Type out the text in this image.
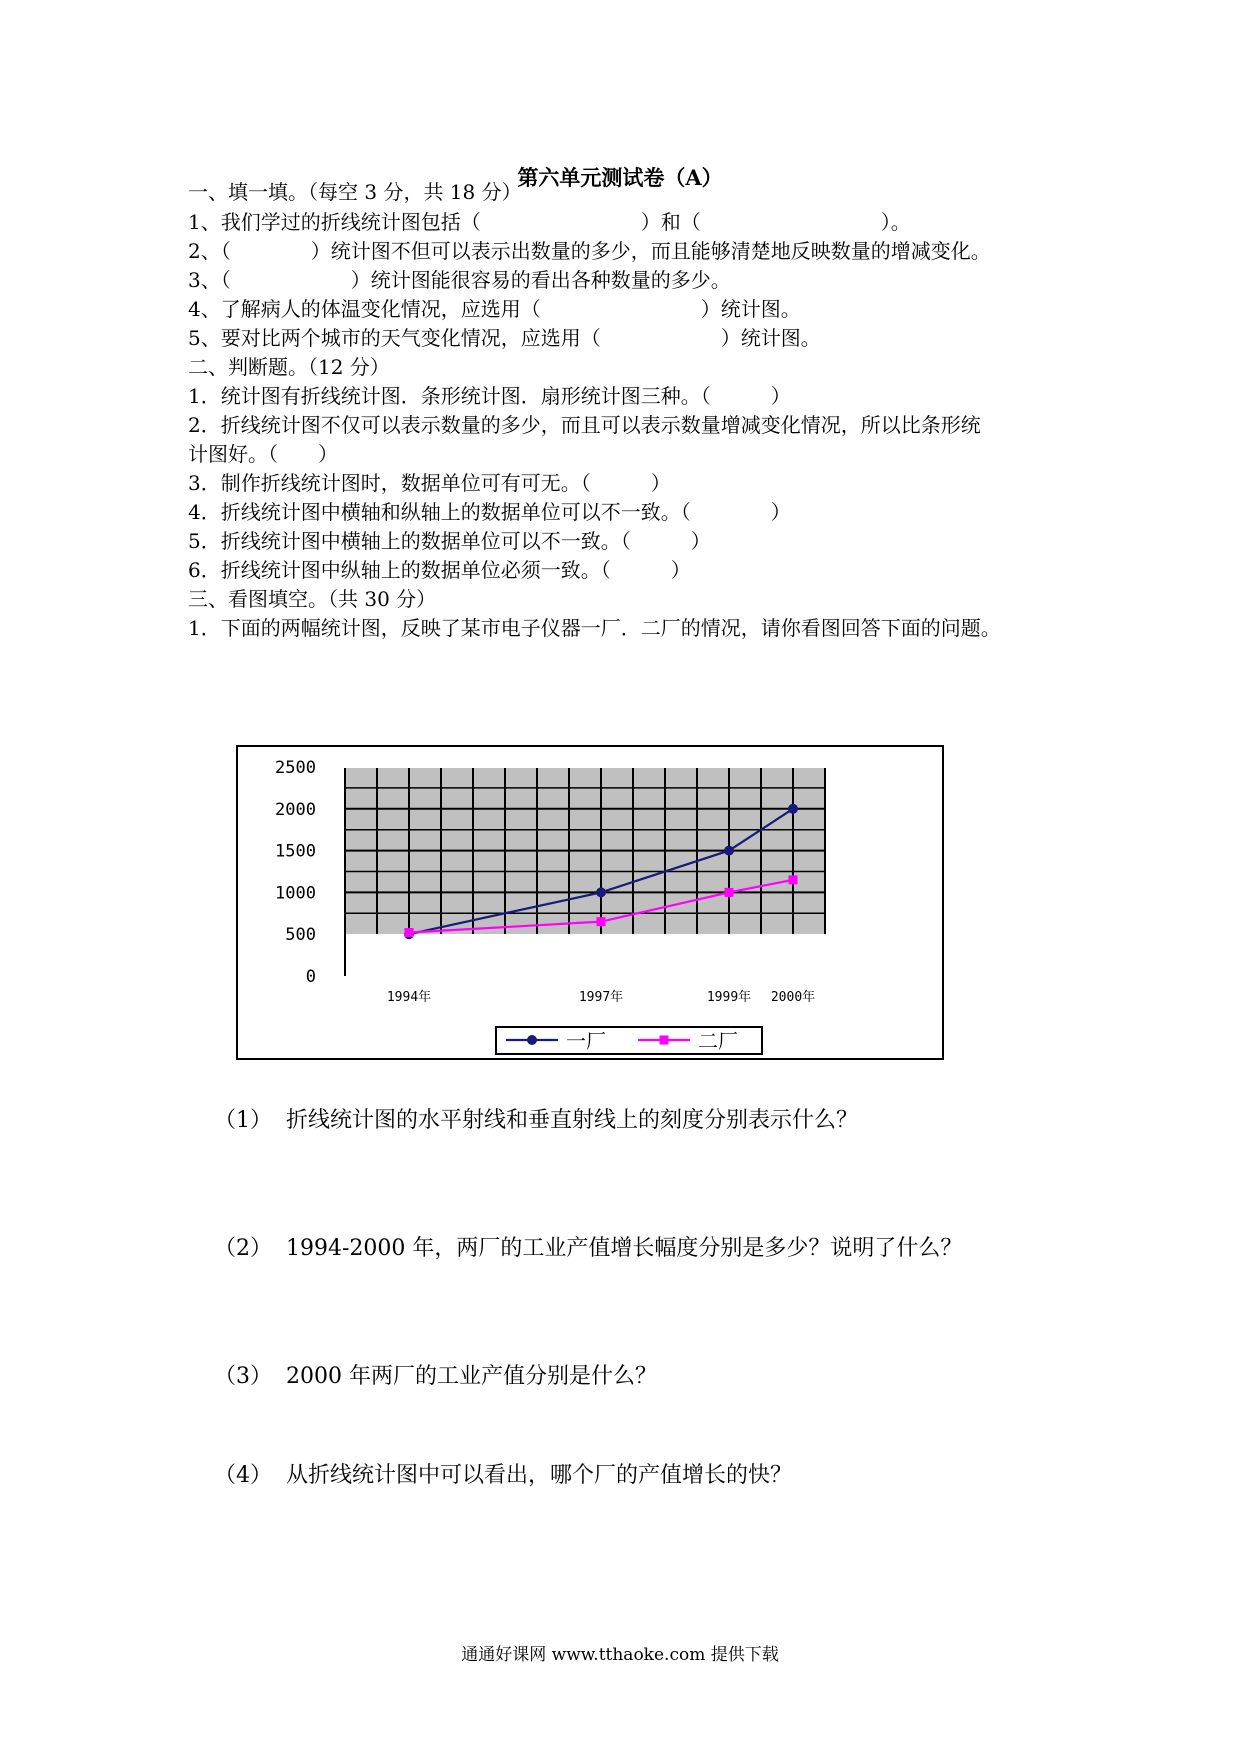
第六单元测试卷（A）
一、填一填。（每空 3 分，共 18 分）
1、我们学过的折线统计图包括（　　　　　　　　）和（　　　　　　　　　）。
2、（　　　　）统计图不但可以表示出数量的多少，而且能够清楚地反映数量的增减变化。
3、（　　　　　　）统计图能很容易的看出各种数量的多少。
4、了解病人的体温变化情况，应选用（　　　　　　　　）统计图。
5、要对比两个城市的天气变化情况，应选用（　　　　　　）统计图。
二、判断题。（12 分）
1．统计图有折线统计图．条形统计图．扇形统计图三种。（　　　）
2．折线统计图不仅可以表示数量的多少，而且可以表示数量增减变化情况，所以比条形统
计图好。（　　）
3．制作折线统计图时，数据单位可有可无。（　　　）
4．折线统计图中横轴和纵轴上的数据单位可以不一致。（　　　　）
5．折线统计图中横轴上的数据单位可以不一致。（　　　）
6．折线统计图中纵轴上的数据单位必须一致。（　　　）
三、看图填空。（共 30 分）
1．下面的两幅统计图，反映了某市电子仪器一厂．二厂的情况，请你看图回答下面的问题。
2500
2000
1500
1000
500
0
1994年	1997年	1999年 2000年
一厂	二厂

（1） 折线统计图的水平射线和垂直射线上的刻度分别表示什么？

（2） 1994-2000 年，两厂的工业产值增长幅度分别是多少？说明了什么？

（3） 2000 年两厂的工业产值分别是什么？

（4） 从折线统计图中可以看出，哪个厂的产值增长的快？

通通好课网 www.tthaoke.com 提供下载
